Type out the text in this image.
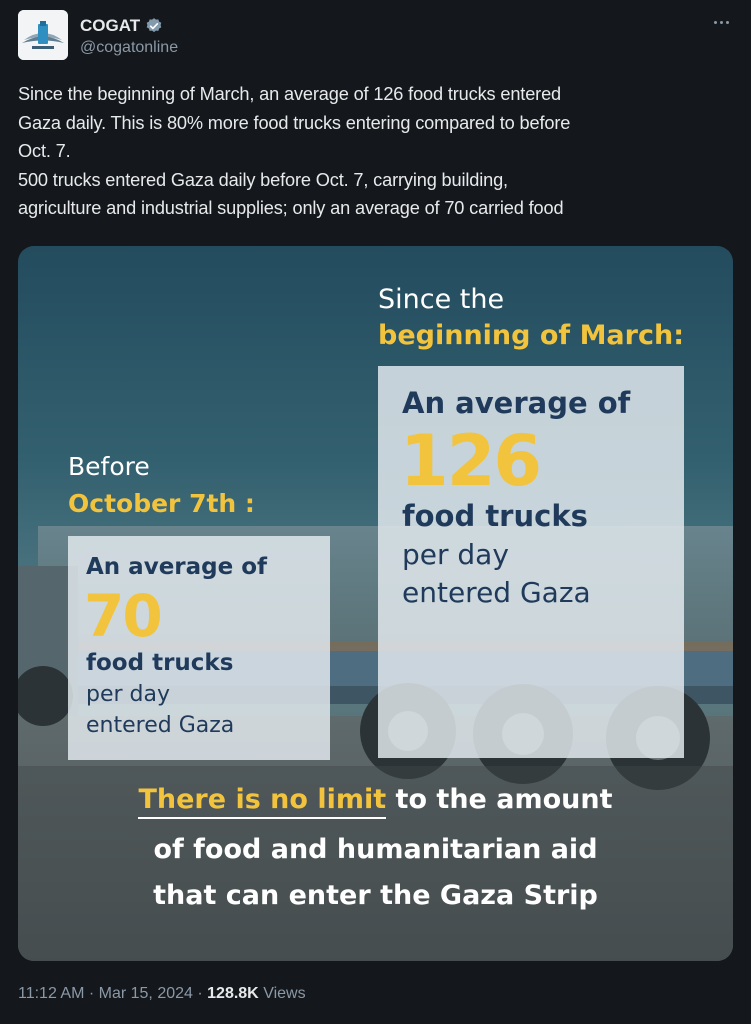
COGAT
@cogatonline
Since the beginning of March, an average of 126 food trucks entered
Gaza daily. This is 80% more food trucks entering compared to before
Oct. 7.
500 trucks entered Gaza daily before Oct. 7, carrying building,
agriculture and industrial supplies; only an average of 70 carried food
Since the
beginning of March:
An average of
126
food trucks
per day
entered Gaza
Before
October 7th :
An average of
70
food trucks
per day
entered Gaza
There is no limit to the amount
of food and humanitarian aid
that can enter the Gaza Strip
11:12 AM · Mar 15, 2024 · 128.8K Views
